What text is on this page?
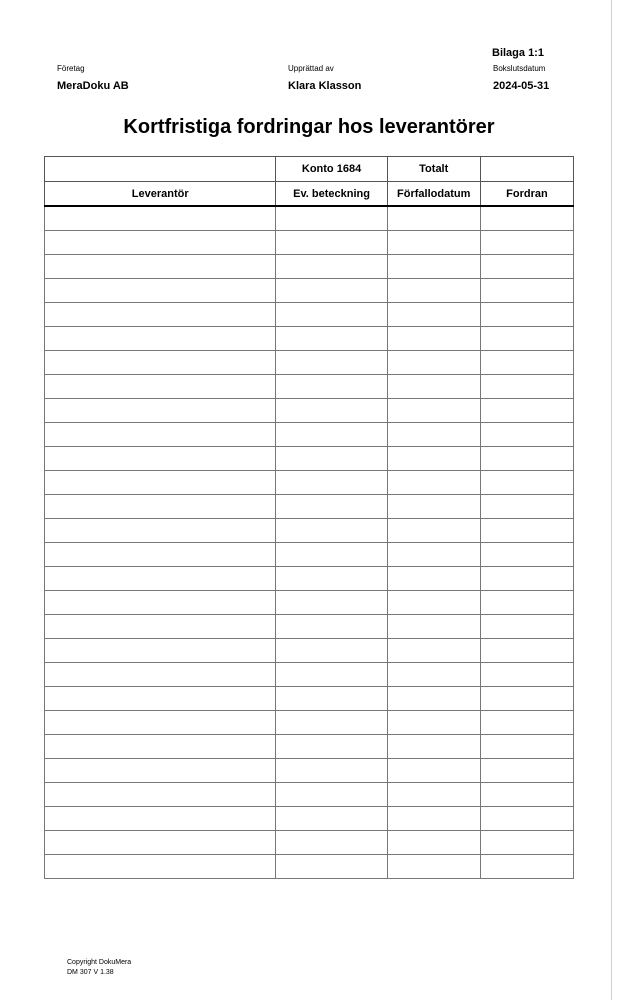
Bilaga 1:1
Företag
MeraDoku AB
Upprättad av
Klara Klasson
Bokslutsdatum
2024-05-31
Kortfristiga fordringar hos leverantörer
	Konto 1684	Totalt	
Leverantör	Ev. beteckning	Förfallodatum	Fordran

Copyright DokuMera
DM 307 V 1.38
